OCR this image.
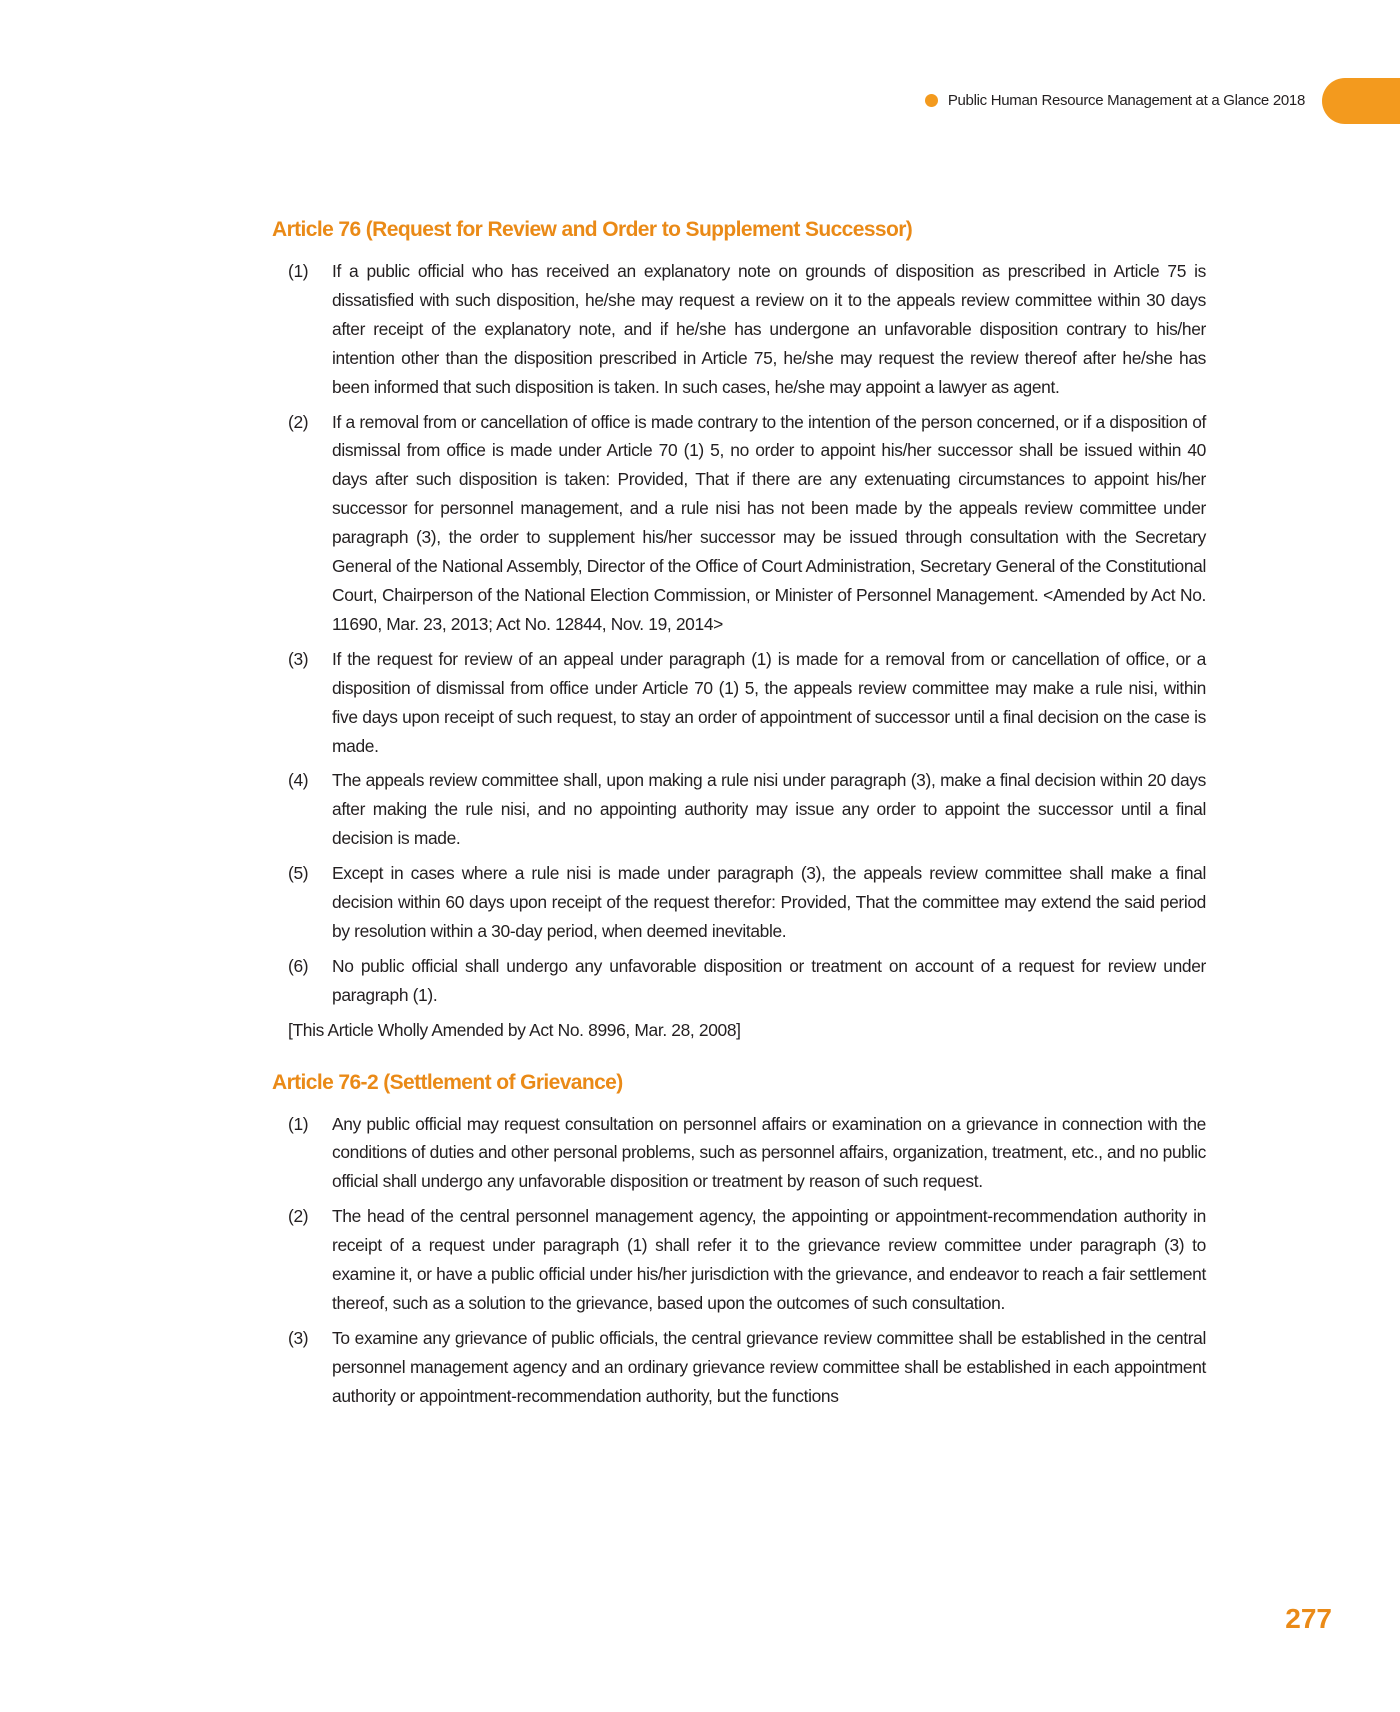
Public Human Resource Management at a Glance 2018
Article 76 (Request for Review and Order to Supplement Successor)
(1) If a public official who has received an explanatory note on grounds of disposition as prescribed in Article 75 is dissatisfied with such disposition, he/she may request a review on it to the appeals review committee within 30 days after receipt of the explanatory note, and if he/she has undergone an unfavorable disposition contrary to his/her intention other than the disposition prescribed in Article 75, he/she may request the review thereof after he/she has been informed that such disposition is taken. In such cases, he/she may appoint a lawyer as agent.
(2) If a removal from or cancellation of office is made contrary to the intention of the person concerned, or if a disposition of dismissal from office is made under Article 70 (1) 5, no order to appoint his/her successor shall be issued within 40 days after such disposition is taken: Provided, That if there are any extenuating circumstances to appoint his/her successor for personnel management, and a rule nisi has not been made by the appeals review committee under paragraph (3), the order to supplement his/her successor may be issued through consultation with the Secretary General of the National Assembly, Director of the Office of Court Administration, Secretary General of the Constitutional Court, Chairperson of the National Election Commission, or Minister of Personnel Management. <Amended by Act No. 11690, Mar. 23, 2013; Act No. 12844, Nov. 19, 2014>
(3) If the request for review of an appeal under paragraph (1) is made for a removal from or cancellation of office, or a disposition of dismissal from office under Article 70 (1) 5, the appeals review committee may make a rule nisi, within five days upon receipt of such request, to stay an order of appointment of successor until a final decision on the case is made.
(4) The appeals review committee shall, upon making a rule nisi under paragraph (3), make a final decision within 20 days after making the rule nisi, and no appointing authority may issue any order to appoint the successor until a final decision is made.
(5) Except in cases where a rule nisi is made under paragraph (3), the appeals review committee shall make a final decision within 60 days upon receipt of the request therefor: Provided, That the committee may extend the said period by resolution within a 30-day period, when deemed inevitable.
(6) No public official shall undergo any unfavorable disposition or treatment on account of a request for review under paragraph (1).
[This Article Wholly Amended by Act No. 8996, Mar. 28, 2008]
Article 76-2 (Settlement of Grievance)
(1) Any public official may request consultation on personnel affairs or examination on a grievance in connection with the conditions of duties and other personal problems, such as personnel affairs, organization, treatment, etc., and no public official shall undergo any unfavorable disposition or treatment by reason of such request.
(2) The head of the central personnel management agency, the appointing or appointment-recommendation authority in receipt of a request under paragraph (1) shall refer it to the grievance review committee under paragraph (3) to examine it, or have a public official under his/her jurisdiction with the grievance, and endeavor to reach a fair settlement thereof, such as a solution to the grievance, based upon the outcomes of such consultation.
(3) To examine any grievance of public officials, the central grievance review committee shall be established in the central personnel management agency and an ordinary grievance review committee shall be established in each appointment authority or appointment-recommendation authority, but the functions
277
